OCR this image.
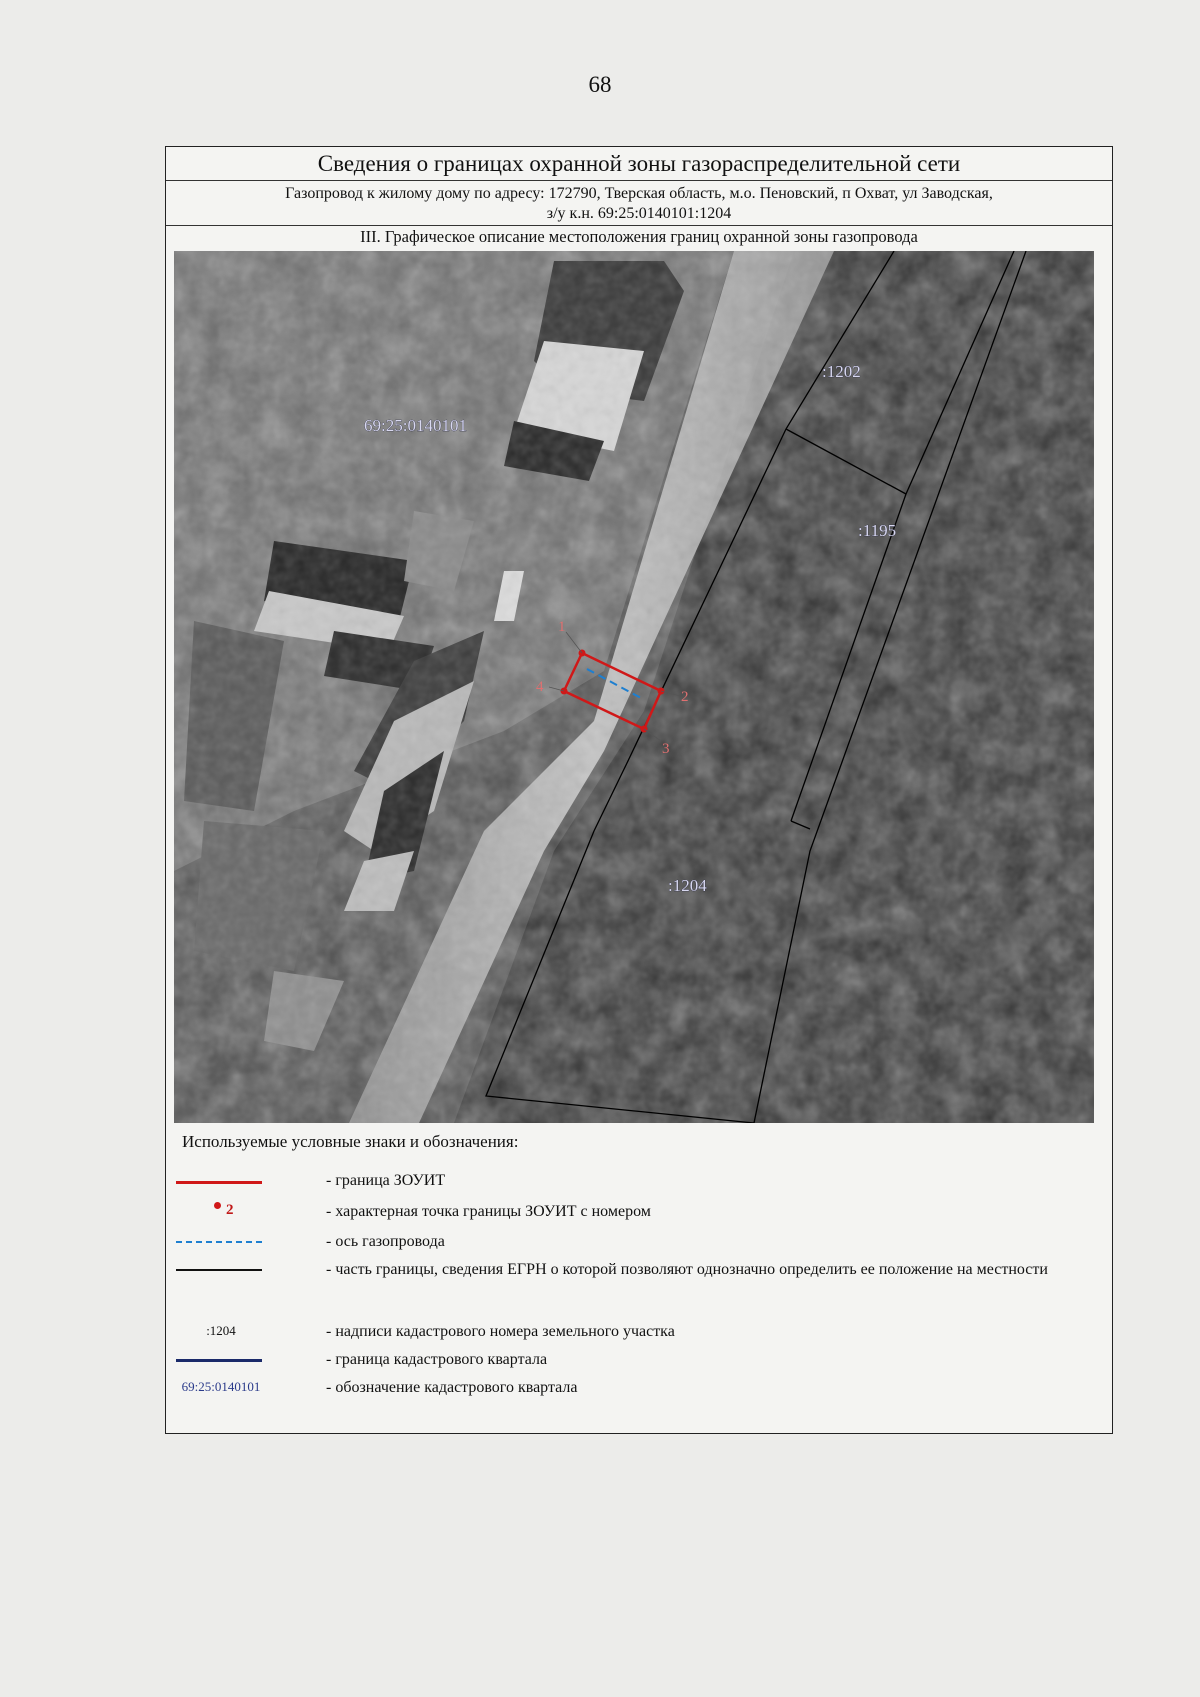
68
Сведения о границах охранной зоны газораспределительной сети
Газопровод к жилому дому по адресу: 172790, Тверская область, м.о. Пеновский, п Охват, ул Заводская,
з/у к.н. 69:25:0140101:1204
III. Графическое описание местоположения границ охранной зоны газопровода
1
2
3
4
69:25:0140101
:1202
:1195
:1204
Используемые условные знаки и обозначения:
- граница ЗОУИТ
2	- характерная точка границы ЗОУИТ с номером
- ось газопровода
- часть границы, сведения ЕГРН о которой позволяют однозначно определить ее положение на местности
:1204	- надписи кадастрового номера земельного участка
- граница кадастрового квартала
69:25:0140101	- обозначение кадастрового квартала
